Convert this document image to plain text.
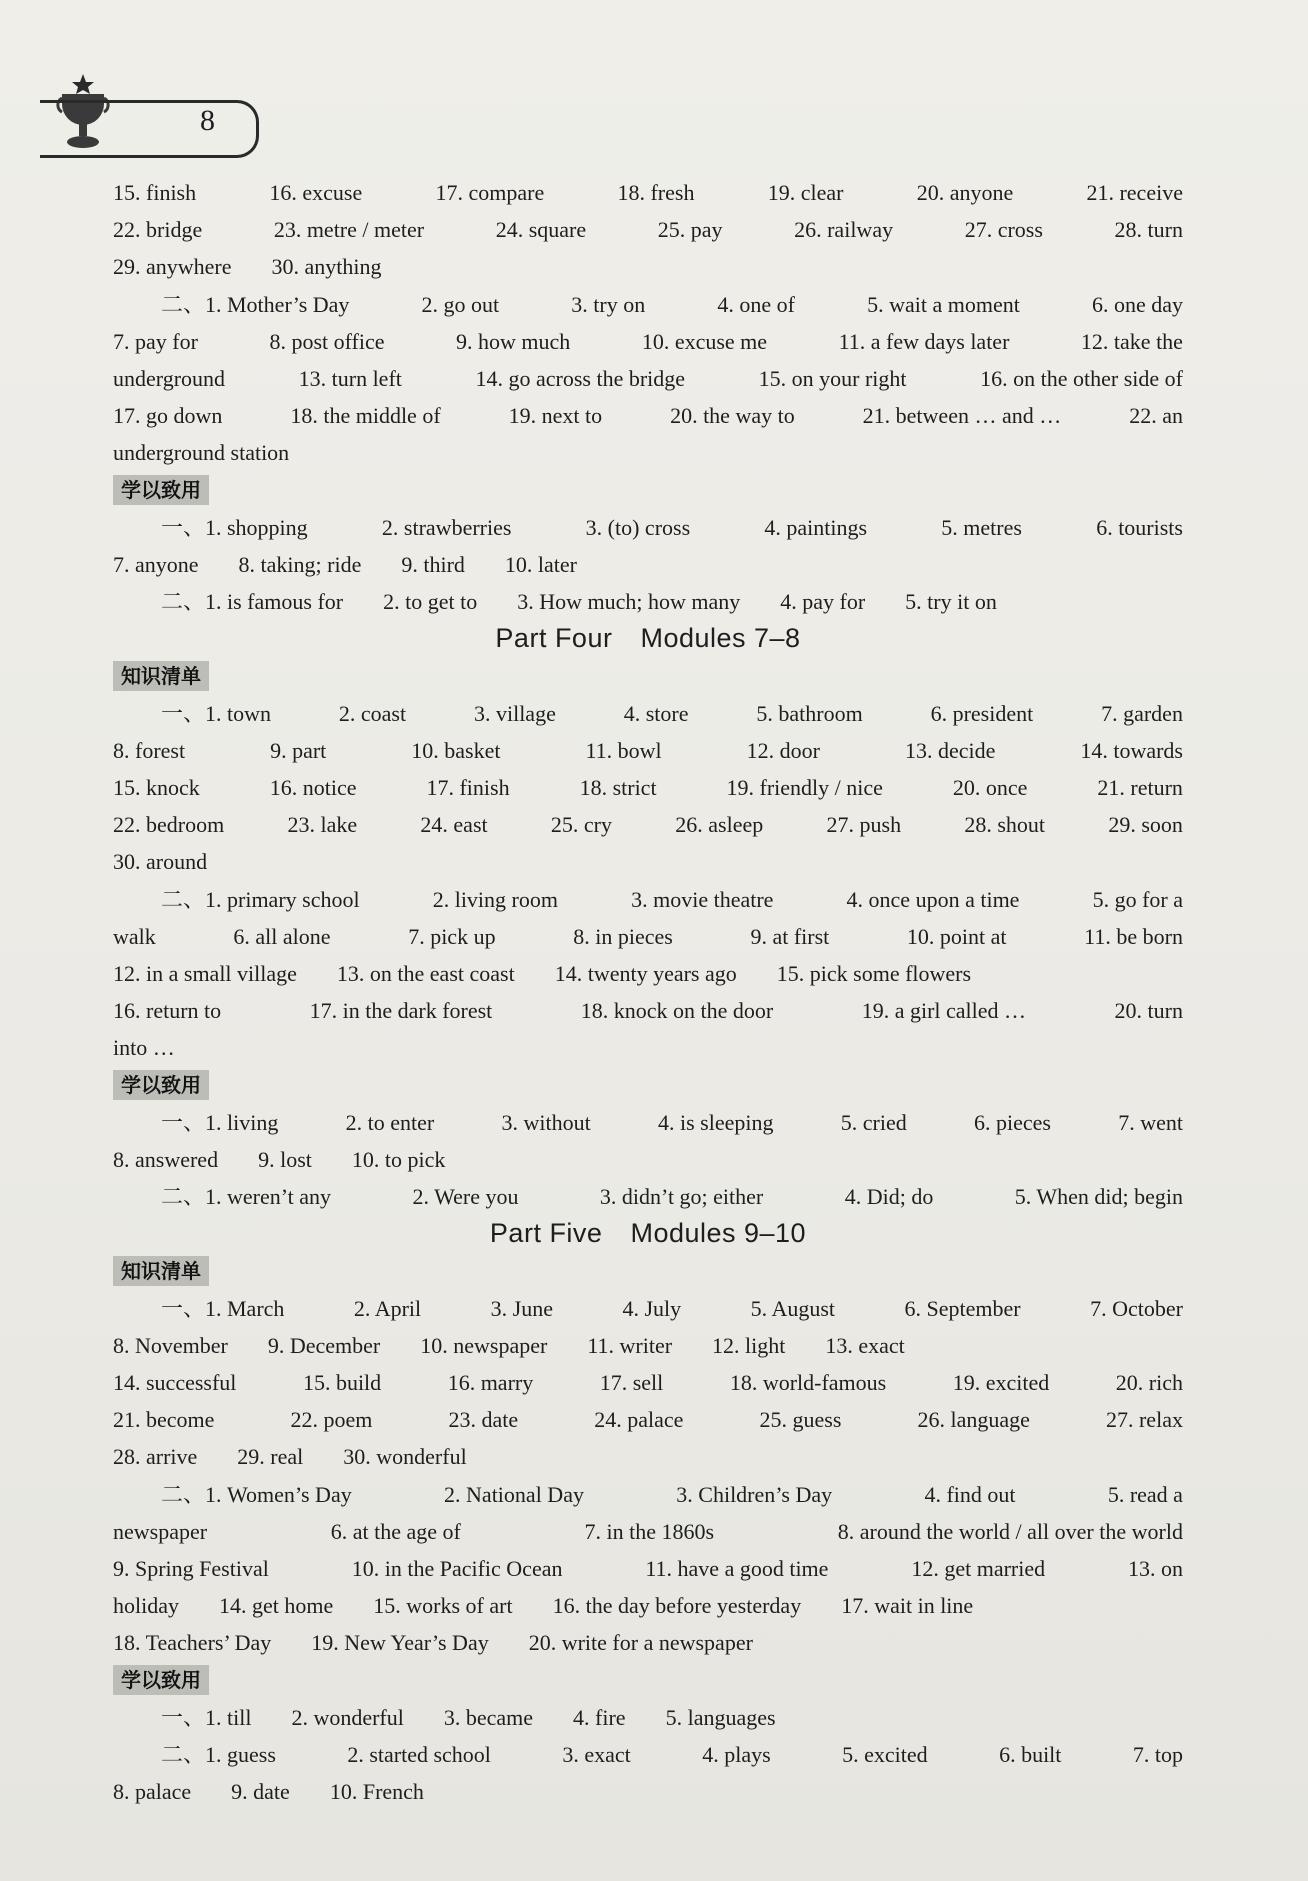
8
15. finish	16. excuse	17. compare	18. fresh	19. clear	20. anyone	21. receive
22. bridge	23. metre / meter	24. square	25. pay	26. railway	27. cross	28. turn
29. anywhere 30. anything
二、1. Mother’s Day	2. go out	3. try on	4. one of	5. wait a moment	6. one day
7. pay for	8. post office	9. how much	10. excuse me	11. a few days later	12. take the
underground	13. turn left	14. go across the bridge	15. on your right	16. on the other side of
17. go down	18. the middle of	19. next to	20. the way to	21. between … and …	22. an
underground station
学以致用
一、1. shopping	2. strawberries	3. (to) cross	4. paintings	5. metres	6. tourists
7. anyone 8. taking; ride 9. third 10. later
二、1. is famous for 2. to get to 3. How much; how many 4. pay for 5. try it on
Part Four Modules 7–8
知识清单
一、1. town	2. coast	3. village	4. store	5. bathroom	6. president	7. garden
8. forest	9. part	10. basket	11. bowl	12. door	13. decide	14. towards
15. knock	16. notice	17. finish	18. strict	19. friendly / nice	20. once	21. return
22. bedroom	23. lake	24. east	25. cry	26. asleep	27. push	28. shout	29. soon
30. around
二、1. primary school	2. living room	3. movie theatre	4. once upon a time	5. go for a
walk	6. all alone	7. pick up	8. in pieces	9. at first	10. point at	11. be born
12. in a small village 13. on the east coast 14. twenty years ago 15. pick some flowers
16. return to	17. in the dark forest	18. knock on the door	19. a girl called …	20. turn
into …
学以致用
一、1. living	2. to enter	3. without	4. is sleeping	5. cried	6. pieces	7. went
8. answered 9. lost 10. to pick
二、1. weren’t any	2. Were you	3. didn’t go; either	4. Did; do	5. When did; begin
Part Five Modules 9–10
知识清单
一、1. March	2. April	3. June	4. July	5. August	6. September	7. October
8. November 9. December 10. newspaper 11. writer 12. light 13. exact
14. successful	15. build	16. marry	17. sell	18. world-famous	19. excited	20. rich
21. become	22. poem	23. date	24. palace	25. guess	26. language	27. relax
28. arrive 29. real 30. wonderful
二、1. Women’s Day	2. National Day	3. Children’s Day	4. find out	5. read a
newspaper	6. at the age of	7. in the 1860s	8. around the world / all over the world
9. Spring Festival	10. in the Pacific Ocean	11. have a good time	12. get married	13. on
holiday 14. get home 15. works of art 16. the day before yesterday 17. wait in line
18. Teachers’ Day 19. New Year’s Day 20. write for a newspaper
学以致用
一、1. till 2. wonderful 3. became 4. fire 5. languages
二、1. guess	2. started school	3. exact	4. plays	5. excited	6. built	7. top
8. palace 9. date 10. French
